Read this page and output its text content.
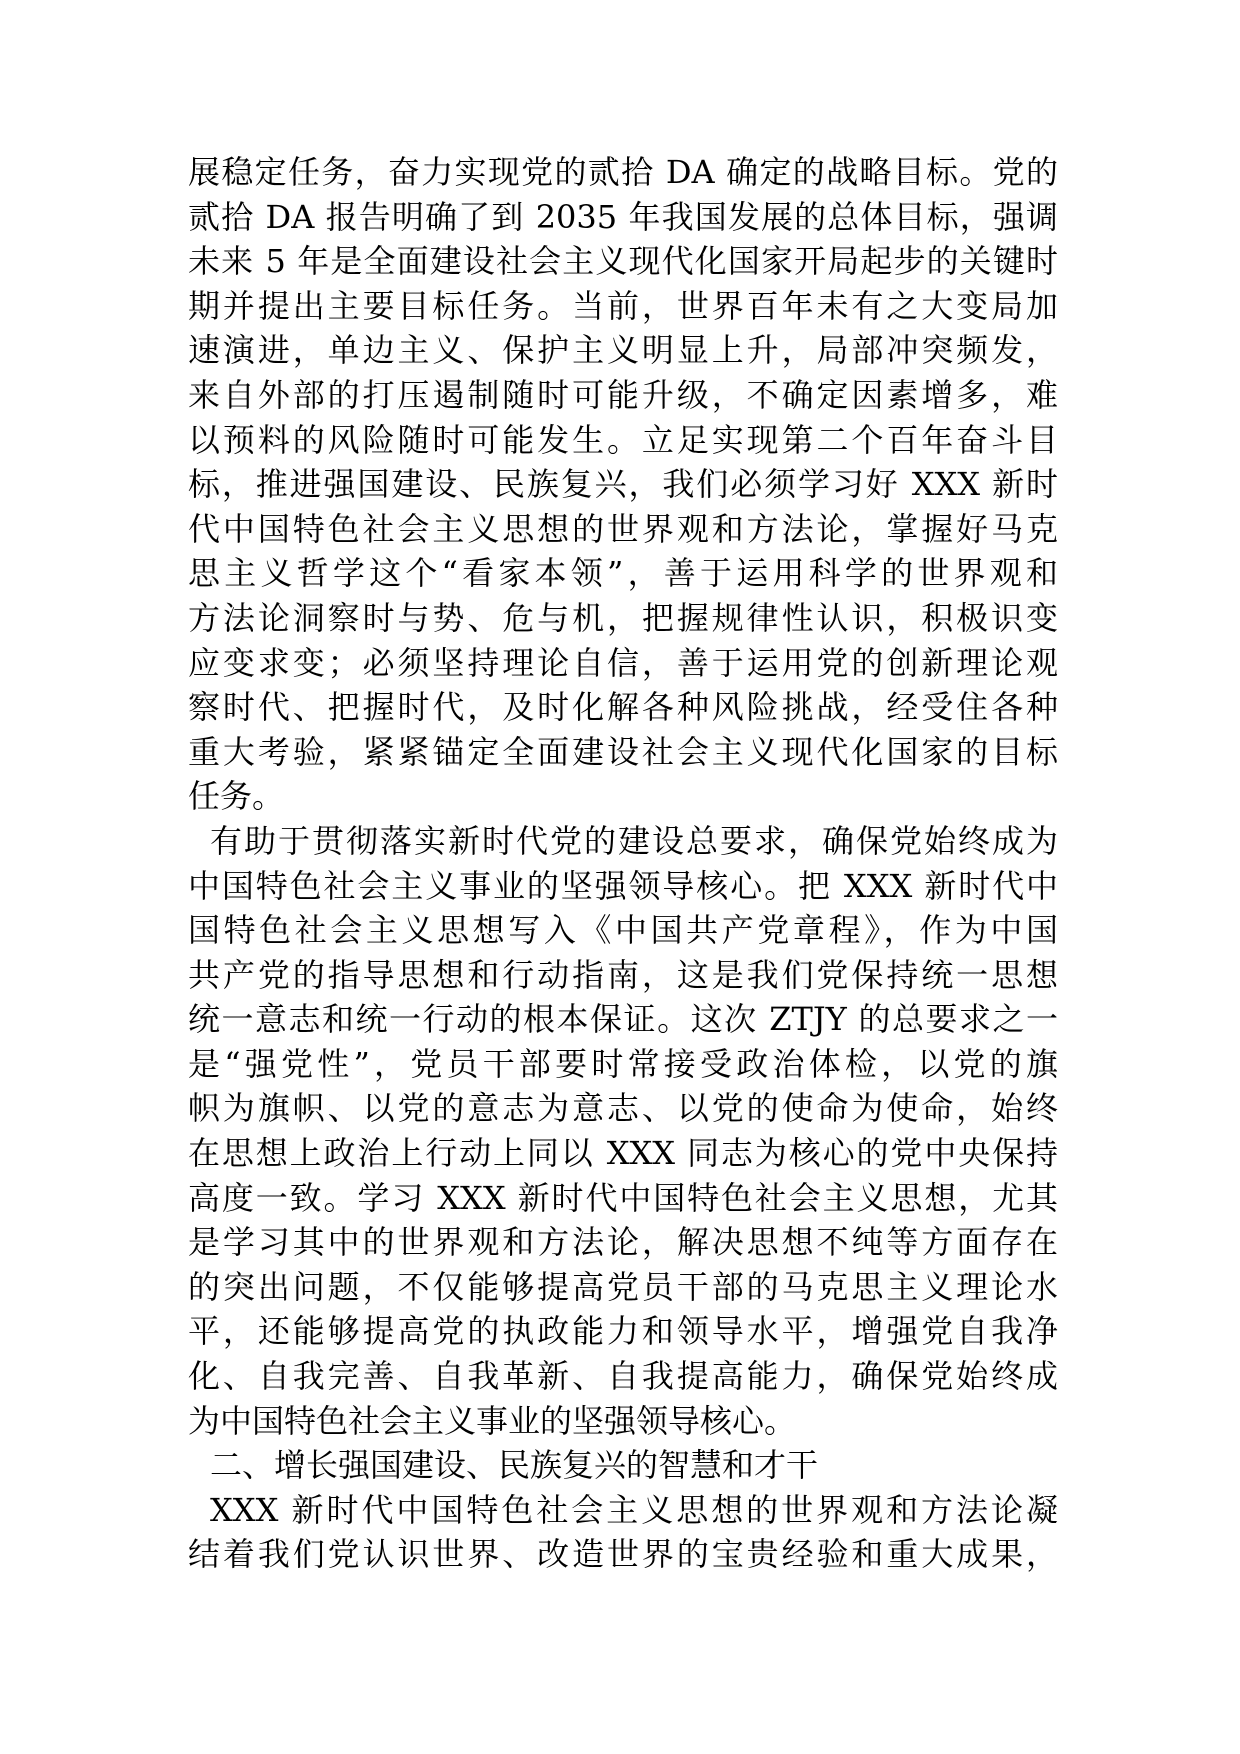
展稳定任务，奋力实现党的贰拾 DA 确定的战略目标。党的
贰拾 DA 报告明确了到 2035 年我国发展的总体目标，强调
未来 5 年是全面建设社会主义现代化国家开局起步的关键时
期并提出主要目标任务。当前，世界百年未有之大变局加
速演进，单边主义、保护主义明显上升，局部冲突频发，
来自外部的打压遏制随时可能升级，不确定因素增多，难
以预料的风险随时可能发生。立足实现第二个百年奋斗目
标，推进强国建设、民族复兴，我们必须学习好 XXX 新时
代中国特色社会主义思想的世界观和方法论，掌握好马克
思主义哲学这个“看家本领”，善于运用科学的世界观和
方法论洞察时与势、危与机，把握规律性认识，积极识变
应变求变；必须坚持理论自信，善于运用党的创新理论观
察时代、把握时代，及时化解各种风险挑战，经受住各种
重大考验，紧紧锚定全面建设社会主义现代化国家的目标
任务。
有助于贯彻落实新时代党的建设总要求，确保党始终成为
中国特色社会主义事业的坚强领导核心。把 XXX 新时代中
国特色社会主义思想写入《中国共产党章程》，作为中国
共产党的指导思想和行动指南，这是我们党保持统一思想
统一意志和统一行动的根本保证。这次 ZTJY 的总要求之一
是“强党性”，党员干部要时常接受政治体检，以党的旗
帜为旗帜、以党的意志为意志、以党的使命为使命，始终
在思想上政治上行动上同以 XXX 同志为核心的党中央保持
高度一致。学习 XXX 新时代中国特色社会主义思想，尤其
是学习其中的世界观和方法论，解决思想不纯等方面存在
的突出问题，不仅能够提高党员干部的马克思主义理论水
平，还能够提高党的执政能力和领导水平，增强党自我净
化、自我完善、自我革新、自我提高能力，确保党始终成
为中国特色社会主义事业的坚强领导核心。
二、增长强国建设、民族复兴的智慧和才干
XXX 新时代中国特色社会主义思想的世界观和方法论凝
结着我们党认识世界、改造世界的宝贵经验和重大成果，
